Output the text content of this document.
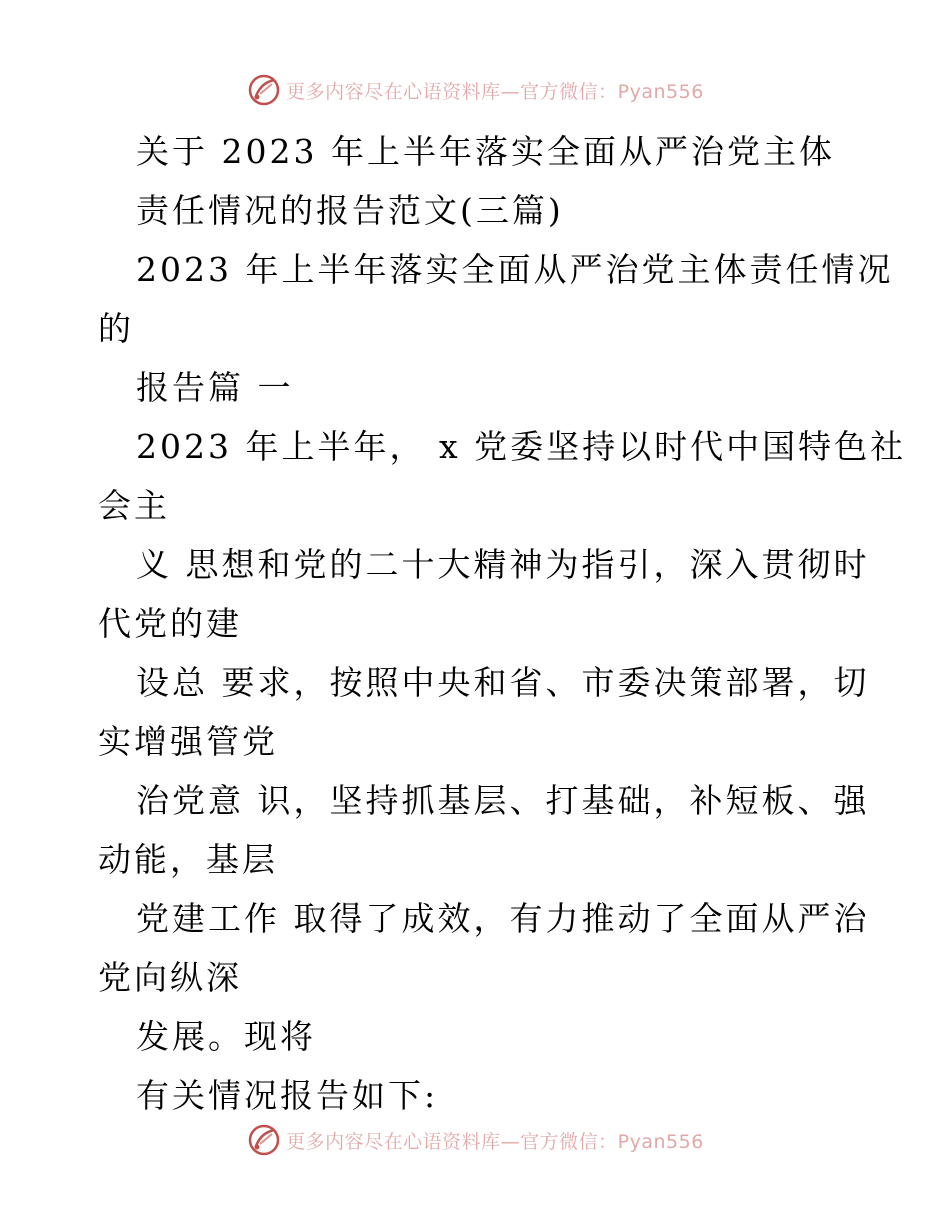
更多内容尽在心语资料库—官方微信：Pyan556
关于 2023 年上半年落实全面从严治党主体
责任情况的报告范文(三篇)
2023 年上半年落实全面从严治党主体责任情况
的
报告篇 一
2023 年上半年， x 党委坚持以时代中国特色社
会主
义 思想和党的二十大精神为指引，深入贯彻时
代党的建
设总 要求，按照中央和省、市委决策部署，切
实增强管党
治党意 识，坚持抓基层、打基础，补短板、强
动能，基层
党建工作 取得了成效，有力推动了全面从严治
党向纵深
发展。现将
有关情况报告如下:
更多内容尽在心语资料库—官方微信：Pyan556
